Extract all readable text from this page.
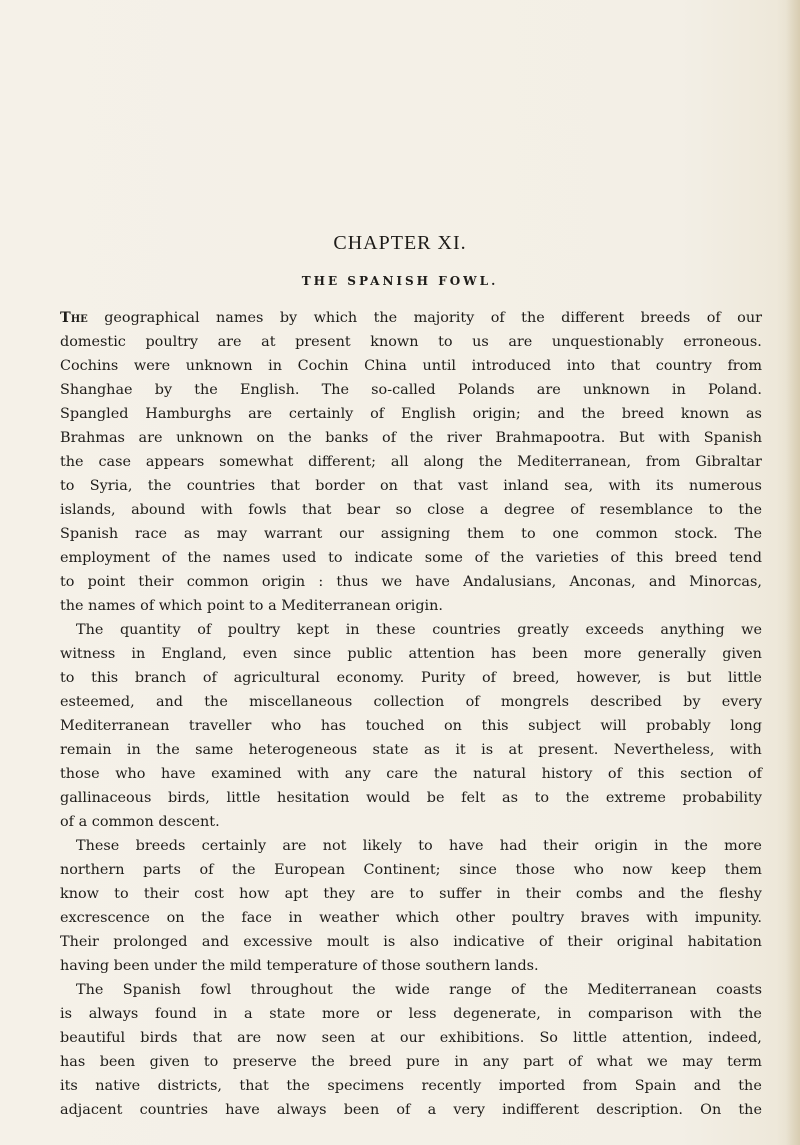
CHAPTER XI.
THE SPANISH FOWL.
The geographical names by which the majority of the different breeds of our
domestic poultry are at present known to us are unquestionably erroneous.
Cochins were unknown in Cochin China until introduced into that country from
Shanghae by the English. The so-called Polands are unknown in Poland.
Spangled Hamburghs are certainly of English origin; and the breed known as
Brahmas are unknown on the banks of the river Brahmapootra. But with Spanish
the case appears somewhat different; all along the Mediterranean, from Gibraltar
to Syria, the countries that border on that vast inland sea, with its numerous
islands, abound with fowls that bear so close a degree of resemblance to the
Spanish race as may warrant our assigning them to one common stock. The
employment of the names used to indicate some of the varieties of this breed tend
to point their common origin : thus we have Andalusians, Anconas, and Minorcas,
the names of which point to a Mediterranean origin.
The quantity of poultry kept in these countries greatly exceeds anything we
witness in England, even since public attention has been more generally given
to this branch of agricultural economy. Purity of breed, however, is but little
esteemed, and the miscellaneous collection of mongrels described by every
Mediterranean traveller who has touched on this subject will probably long
remain in the same heterogeneous state as it is at present. Nevertheless, with
those who have examined with any care the natural history of this section of
gallinaceous birds, little hesitation would be felt as to the extreme probability
of a common descent.
These breeds certainly are not likely to have had their origin in the more
northern parts of the European Continent; since those who now keep them
know to their cost how apt they are to suffer in their combs and the fleshy
excrescence on the face in weather which other poultry braves with impunity.
Their prolonged and excessive moult is also indicative of their original habitation
having been under the mild temperature of those southern lands.
The Spanish fowl throughout the wide range of the Mediterranean coasts
is always found in a state more or less degenerate, in comparison with the
beautiful birds that are now seen at our exhibitions. So little attention, indeed,
has been given to preserve the breed pure in any part of what we may term
its native districts, that the specimens recently imported from Spain and the
adjacent countries have always been of a very indifferent description. On the
